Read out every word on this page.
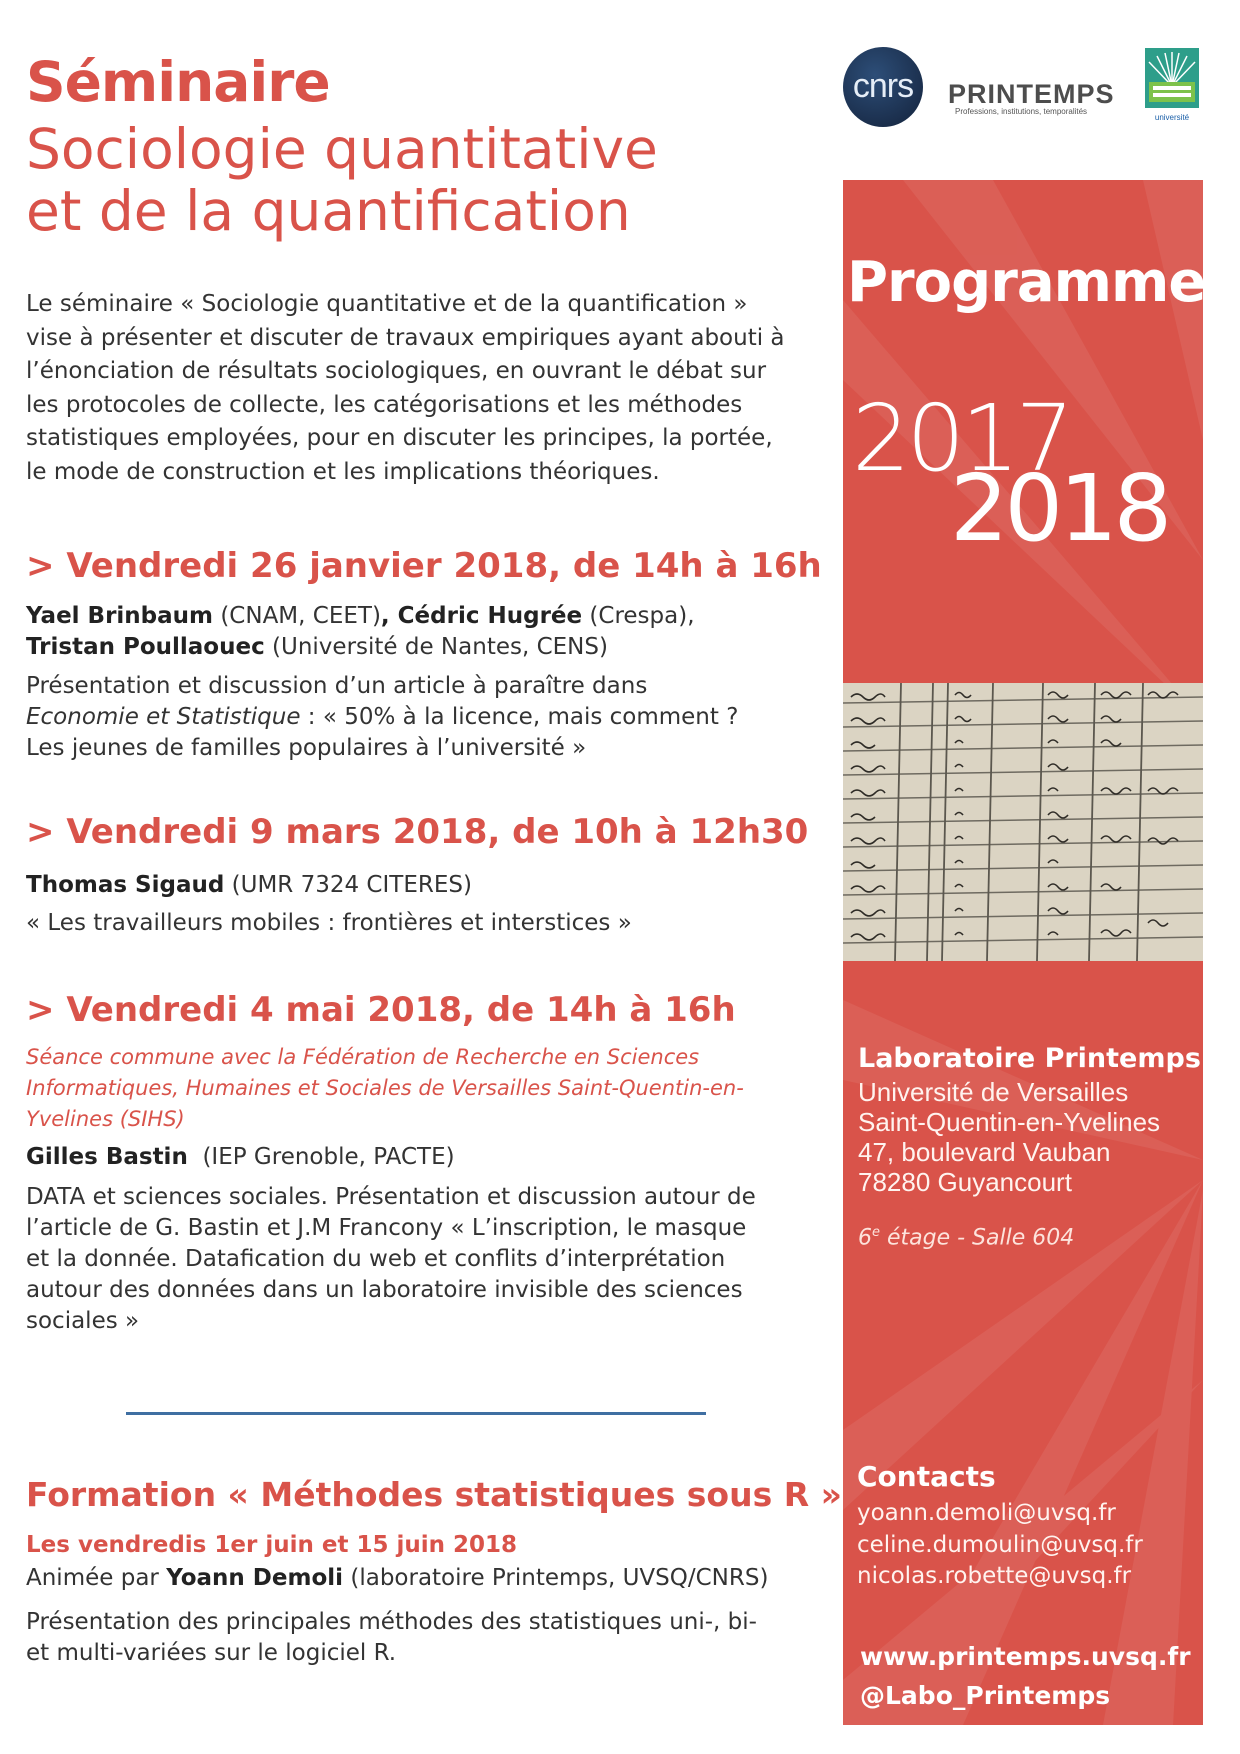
Séminaire
Sociologie quantitative
et de la quantification
Le séminaire « Sociologie quantitative et de la quantification »
vise à présenter et discuter de travaux empiriques ayant abouti à
l’énonciation de résultats sociologiques, en ouvrant le débat sur
les protocoles de collecte, les catégorisations et les méthodes
statistiques employées, pour en discuter les principes, la portée,
le mode de construction et les implications théoriques.
> Vendredi 26 janvier 2018, de 14h à 16h
Yael Brinbaum (CNAM, CEET), Cédric Hugrée (Crespa),
Tristan Poullaouec (Université de Nantes, CENS)
Présentation et discussion d’un article à paraître dans
Economie et Statistique : « 50% à la licence, mais comment ?
Les jeunes de familles populaires à l’université »
> Vendredi 9 mars 2018, de 10h à 12h30
Thomas Sigaud (UMR 7324 CITERES)
« Les travailleurs mobiles : frontières et interstices »
> Vendredi 4 mai 2018, de 14h à 16h
Séance commune avec la Fédération de Recherche en Sciences
Informatiques, Humaines et Sociales de Versailles Saint-Quentin-en-
Yvelines (SIHS)
Gilles Bastin  (IEP Grenoble, PACTE)
DATA et sciences sociales. Présentation et discussion autour de
l’article de G. Bastin et J.M Francony « L’inscription, le masque
et la donnée. Datafication du web et conflits d’interprétation
autour des données dans un laboratoire invisible des sciences
sociales »
Formation « Méthodes statistiques sous R »
Les vendredis 1er juin et 15 juin 2018
Animée par Yoann Demoli (laboratoire Printemps, UVSQ/CNRS)
Présentation des principales méthodes des statistiques uni-, bi-
et multi-variées sur le logiciel R.
cnrs	PRINTEMPS
Professions, institutions, temporalités
université
Programme
2017
2018
Laboratoire Printemps
Université de Versailles
Saint-Quentin-en-Yvelines
47, boulevard Vauban
78280 Guyancourt
6e étage - Salle 604
Contacts
yoann.demoli@uvsq.fr
celine.dumoulin@uvsq.fr
nicolas.robette@uvsq.fr
www.printemps.uvsq.fr
@Labo_Printemps
